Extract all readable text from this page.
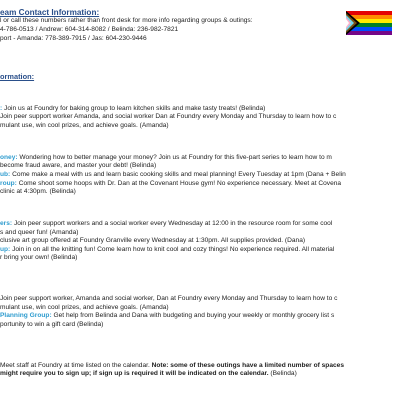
eam Contact Information:
l or call these numbers rather than front desk for more info regarding groups & outings:
4-786-0513 / Andrew: 604-314-8082 / Belinda: 236-982-7821
port - Amanda: 778-389-7915 / Jas: 604-230-9446
ormation:
: Join us at Foundry for baking group to learn kitchen skills and make tasty treats! (Belinda)
Join peer support worker Amanda, and social worker Dan at Foundry every Monday and Thursday to learn how to c
mulant use, win cool prizes, and achieve goals. (Amanda)
oney: Wondering how to better manage your money? Join us at Foundry for this five-part series to learn how to m
become fraud aware, and master your debt! (Belinda)
ub: Come make a meal with us and learn basic cooking skills and meal planning! Every Tuesday at 1pm (Dana + Belin
roup: Come shoot some hoops with Dr. Dan at the Covenant House gym! No experience necessary. Meet at Covena
clinic at 4:30pm. (Belinda)
ers: Join peer support workers and a social worker every Wednesday at 12:00 in the resource room for some cool
s and queer fun! (Amanda)
clusive art group offered at Foundry Granville every Wednesday at 1:30pm. All supplies provided. (Dana)
up: Join in on all the knitting fun! Come learn how to knit cool and cozy things! No experience required. All material
r bring your own! (Belinda)
Join peer support worker, Amanda and social worker, Dan at Foundry every Monday and Thursday to learn how to c
mulant use, win cool prizes, and achieve goals. (Amanda)
Planning Group: Get help from Belinda and Dana with budgeting and buying your weekly or monthly grocery list s
portunity to win a gift card (Belinda)
Meet staff at Foundry at time listed on the calendar. Note: some of these outings have a limited number of spaces
might require you to sign up; if sign up is required it will be indicated on the calendar. (Belinda)
